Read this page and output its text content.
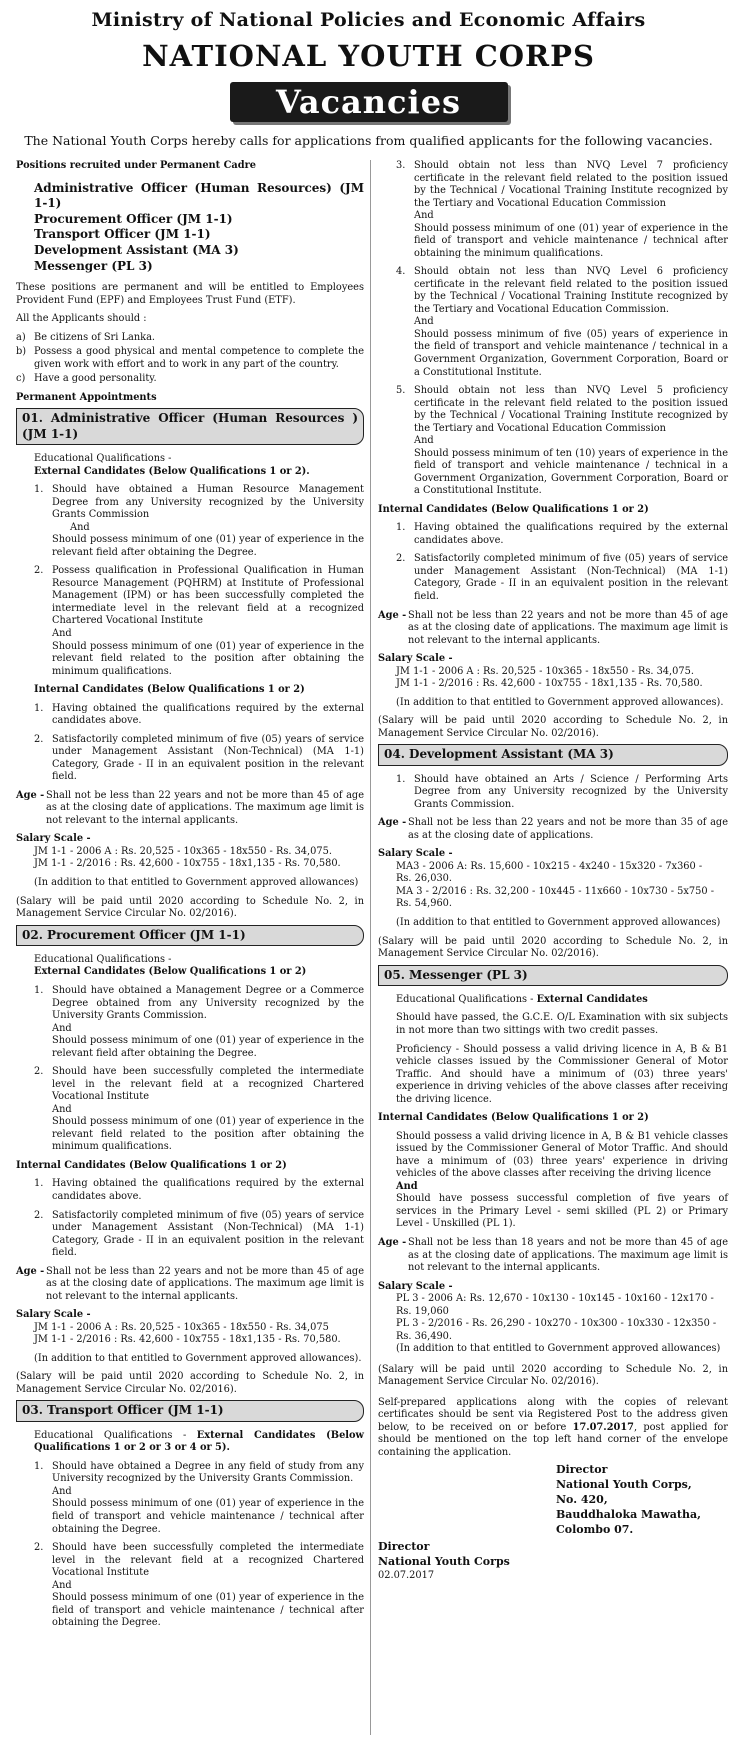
Ministry of National Policies and Economic Affairs
NATIONAL YOUTH CORPS
Vacancies
The National Youth Corps hereby calls for applications from qualified applicants for the following vacancies.
Positions recruited under Permanent Cadre
Administrative Officer (Human Resources) (JM 1-1)
Procurement Officer (JM 1-1)
Transport Officer (JM 1-1)
Development Assistant (MA 3)
Messenger (PL 3)
These positions are permanent and will be entitled to Employees Provident Fund (EPF) and Employees Trust Fund (ETF).
All the Applicants should :
a) Be citizens of Sri Lanka.
b) Possess a good physical and mental competence to complete the given work with effort and to work in any part of the country.
c) Have a good personality.
Permanent Appointments
01. Administrative Officer (Human Resources ) (JM 1-1)
Educational Qualifications -
External Candidates (Below Qualifications 1 or 2).
1. Should have obtained a Human Resource Management Degree from any University recognized by the University Grants Commission
And
Should possess minimum of one (01) year of experience in the relevant field after obtaining the Degree.
2. Possess qualification in Professional Qualification in Human Resource Management (PQHRM) at Institute of Professional Management (IPM) or has been successfully completed the intermediate level in the relevant field at a recognized Chartered Vocational Institute
And
Should possess minimum of one (01) year of experience in the relevant field related to the position after obtaining the minimum qualifications.
Internal Candidates (Below Qualifications 1 or 2)
1. Having obtained the qualifications required by the external candidates above.
2. Satisfactorily completed minimum of five (05) years of service under Management Assistant (Non-Technical) (MA 1-1) Category, Grade - II in an equivalent position in the relevant field.
Age - Shall not be less than 22 years and not be more than 45 of age as at the closing date of applications. The maximum age limit is not relevant to the internal applicants.
Salary Scale -
JM 1-1 - 2006 A : Rs. 20,525 - 10x365 - 18x550 - Rs. 34,075.
JM 1-1 - 2/2016 : Rs. 42,600 - 10x755 - 18x1,135 - Rs. 70,580.
(In addition to that entitled to Government approved allowances)
(Salary will be paid until 2020 according to Schedule No. 2, in Management Service Circular No. 02/2016).
02. Procurement Officer (JM 1-1)
Educational Qualifications -
External Candidates (Below Qualifications 1 or 2)
1. Should have obtained a Management Degree or a Commerce Degree obtained from any University recognized by the University Grants Commission.
And
Should possess minimum of one (01) year of experience in the relevant field after obtaining the Degree.
2. Should have been successfully completed the intermediate level in the relevant field at a recognized Chartered Vocational Institute
And
Should possess minimum of one (01) year of experience in the relevant field related to the position after obtaining the minimum qualifications.
Internal Candidates (Below Qualifications 1 or 2)
1. Having obtained the qualifications required by the external candidates above.
2. Satisfactorily completed minimum of five (05) years of service under Management Assistant (Non-Technical) (MA 1-1) Category, Grade - II in an equivalent position in the relevant field.
Age - Shall not be less than 22 years and not be more than 45 of age as at the closing date of applications. The maximum age limit is not relevant to the internal applicants.
Salary Scale -
JM 1-1 - 2006 A : Rs. 20,525 - 10x365 - 18x550 - Rs. 34,075
JM 1-1 - 2/2016 : Rs. 42,600 - 10x755 - 18x1,135 - Rs. 70,580.
(In addition to that entitled to Government approved allowances).
(Salary will be paid until 2020 according to Schedule No. 2, in Management Service Circular No. 02/2016).
03. Transport Officer (JM 1-1)
Educational Qualifications - External Candidates (Below Qualifications 1 or 2 or 3 or 4 or 5).
1. Should have obtained a Degree in any field of study from any University recognized by the University Grants Commission.
And
Should possess minimum of one (01) year of experience in the field of transport and vehicle maintenance / technical after obtaining the Degree.
2. Should have been successfully completed the intermediate level in the relevant field at a recognized Chartered Vocational Institute
And
Should possess minimum of one (01) year of experience in the field of transport and vehicle maintenance / technical after obtaining the Degree.
3. Should obtain not less than NVQ Level 7 proficiency certificate in the relevant field related to the position issued by the Technical / Vocational Training Institute recognized by the Tertiary and Vocational Education Commission
And
Should possess minimum of one (01) year of experience in the field of transport and vehicle maintenance / technical after obtaining the minimum qualifications.
4. Should obtain not less than NVQ Level 6 proficiency certificate in the relevant field related to the position issued by the Technical / Vocational Training Institute recognized by the Tertiary and Vocational Education Commission.
And
Should possess minimum of five (05) years of experience in the field of transport and vehicle maintenance / technical in a Government Organization, Government Corporation, Board or a Constitutional Institute.
5. Should obtain not less than NVQ Level 5 proficiency certificate in the relevant field related to the position issued by the Technical / Vocational Training Institute recognized by the Tertiary and Vocational Education Commission
And
Should possess minimum of ten (10) years of experience in the field of transport and vehicle maintenance / technical in a Government Organization, Government Corporation, Board or a Constitutional Institute.
Internal Candidates (Below Qualifications 1 or 2)
1. Having obtained the qualifications required by the external candidates above.
2. Satisfactorily completed minimum of five (05) years of service under Management Assistant (Non-Technical) (MA 1-1) Category, Grade - II in an equivalent position in the relevant field.
Age - Shall not be less than 22 years and not be more than 45 of age as at the closing date of applications. The maximum age limit is not relevant to the internal applicants.
Salary Scale -
JM 1-1 - 2006 A : Rs. 20,525 - 10x365 - 18x550 - Rs. 34,075.
JM 1-1 - 2/2016 : Rs. 42,600 - 10x755 - 18x1,135 - Rs. 70,580.
(In addition to that entitled to Government approved allowances).
(Salary will be paid until 2020 according to Schedule No. 2, in Management Service Circular No. 02/2016).
04. Development Assistant (MA 3)
1. Should have obtained an Arts / Science / Performing Arts Degree from any University recognized by the University Grants Commission.
Age - Shall not be less than 22 years and not be more than 35 of age as at the closing date of applications.
Salary Scale -
MA3 - 2006 A: Rs. 15,600 - 10x215 - 4x240 - 15x320 - 7x360 -
Rs. 26,030.
MA 3 - 2/2016 : Rs. 32,200 - 10x445 - 11x660 - 10x730 - 5x750 -
Rs. 54,960.
(In addition to that entitled to Government approved allowances)
(Salary will be paid until 2020 according to Schedule No. 2, in Management Service Circular No. 02/2016).
05. Messenger (PL 3)
Educational Qualifications - External Candidates
Should have passed, the G.C.E. O/L Examination with six subjects in not more than two sittings with two credit passes.
Proficiency - Should possess a valid driving licence in A, B & B1 vehicle classes issued by the Commissioner General of Motor Traffic. And should have a minimum of (03) three years' experience in driving vehicles of the above classes after receiving the driving licence.
Internal Candidates (Below Qualifications 1 or 2)
Should possess a valid driving licence in A, B & B1 vehicle classes issued by the Commissioner General of Motor Traffic. And should have a minimum of (03) three years' experience in driving vehicles of the above classes after receiving the driving licence
And
Should have possess successful completion of five years of services in the Primary Level - semi skilled (PL 2) or Primary Level - Unskilled (PL 1).
Age - Shall not be less than 18 years and not be more than 45 of age as at the closing date of applications. The maximum age limit is not relevant to the internal applicants.
Salary Scale -
PL 3 - 2006 A: Rs. 12,670 - 10x130 - 10x145 - 10x160 - 12x170 -
Rs. 19,060
PL 3 - 2/2016 - Rs. 26,290 - 10x270 - 10x300 - 10x330 - 12x350 -
Rs. 36,490.
(In addition to that entitled to Government approved allowances)
(Salary will be paid until 2020 according to Schedule No. 2, in Management Service Circular No. 02/2016).
Self-prepared applications along with the copies of relevant certificates should be sent via Registered Post to the address given below, to be received on or before 17.07.2017, post applied for should be mentioned on the top left hand corner of the envelope containing the application.
Director
National Youth Corps,
No. 420,
Bauddhaloka Mawatha,
Colombo 07.
Director
National Youth Corps
02.07.2017
